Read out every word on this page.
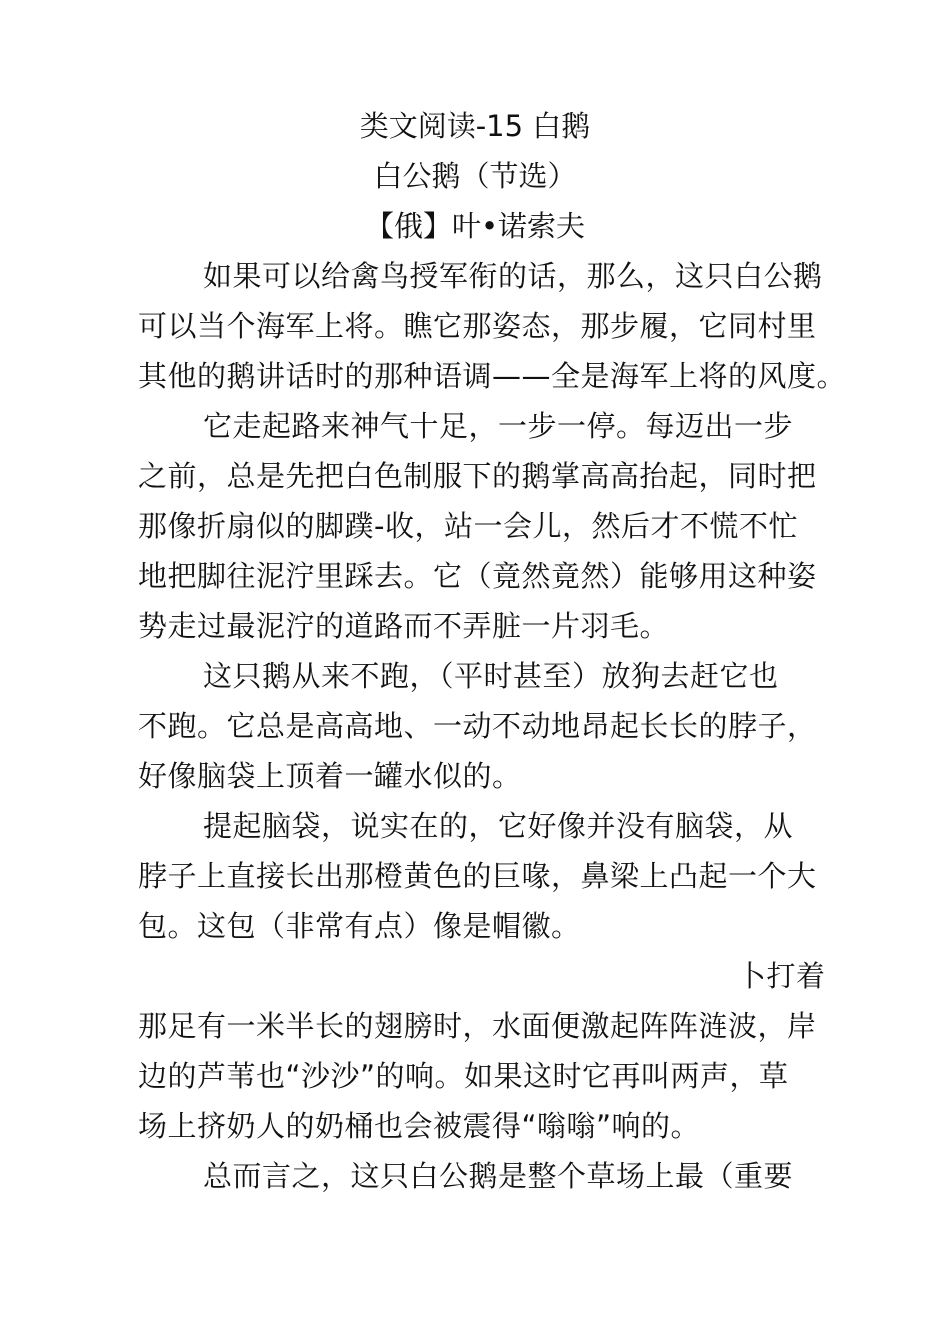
类文阅读-15 白鹅
白公鹅（节选）
【俄】叶•诺索夫
如果可以给禽鸟授军衔的话，那么，这只白公鹅
可以当个海军上将。瞧它那姿态，那步履，它同村里
其他的鹅讲话时的那种语调——全是海军上将的风度。
它走起路来神气十足，一步一停。每迈出一步
之前，总是先把白色制服下的鹅掌高高抬起，同时把
那像折扇似的脚蹼-收，站一会儿，然后才不慌不忙
地把脚往泥泞里踩去。它（竟然竟然）能够用这种姿
势走过最泥泞的道路而不弄脏一片羽毛。
这只鹅从来不跑，（平时甚至）放狗去赶它也
不跑。它总是高高地、一动不动地昂起长长的脖子，
好像脑袋上顶着一罐水似的。
提起脑袋，说实在的，它好像并没有脑袋，从
脖子上直接长出那橙黄色的巨喙，鼻梁上凸起一个大
包。这包（非常有点）像是帽徽。
卜打着
那足有一米半长的翅膀时，水面便激起阵阵涟波，岸
边的芦苇也“沙沙”的响。如果这时它再叫两声，草
场上挤奶人的奶桶也会被震得“嗡嗡”响的。
总而言之，这只白公鹅是整个草场上最（重要
